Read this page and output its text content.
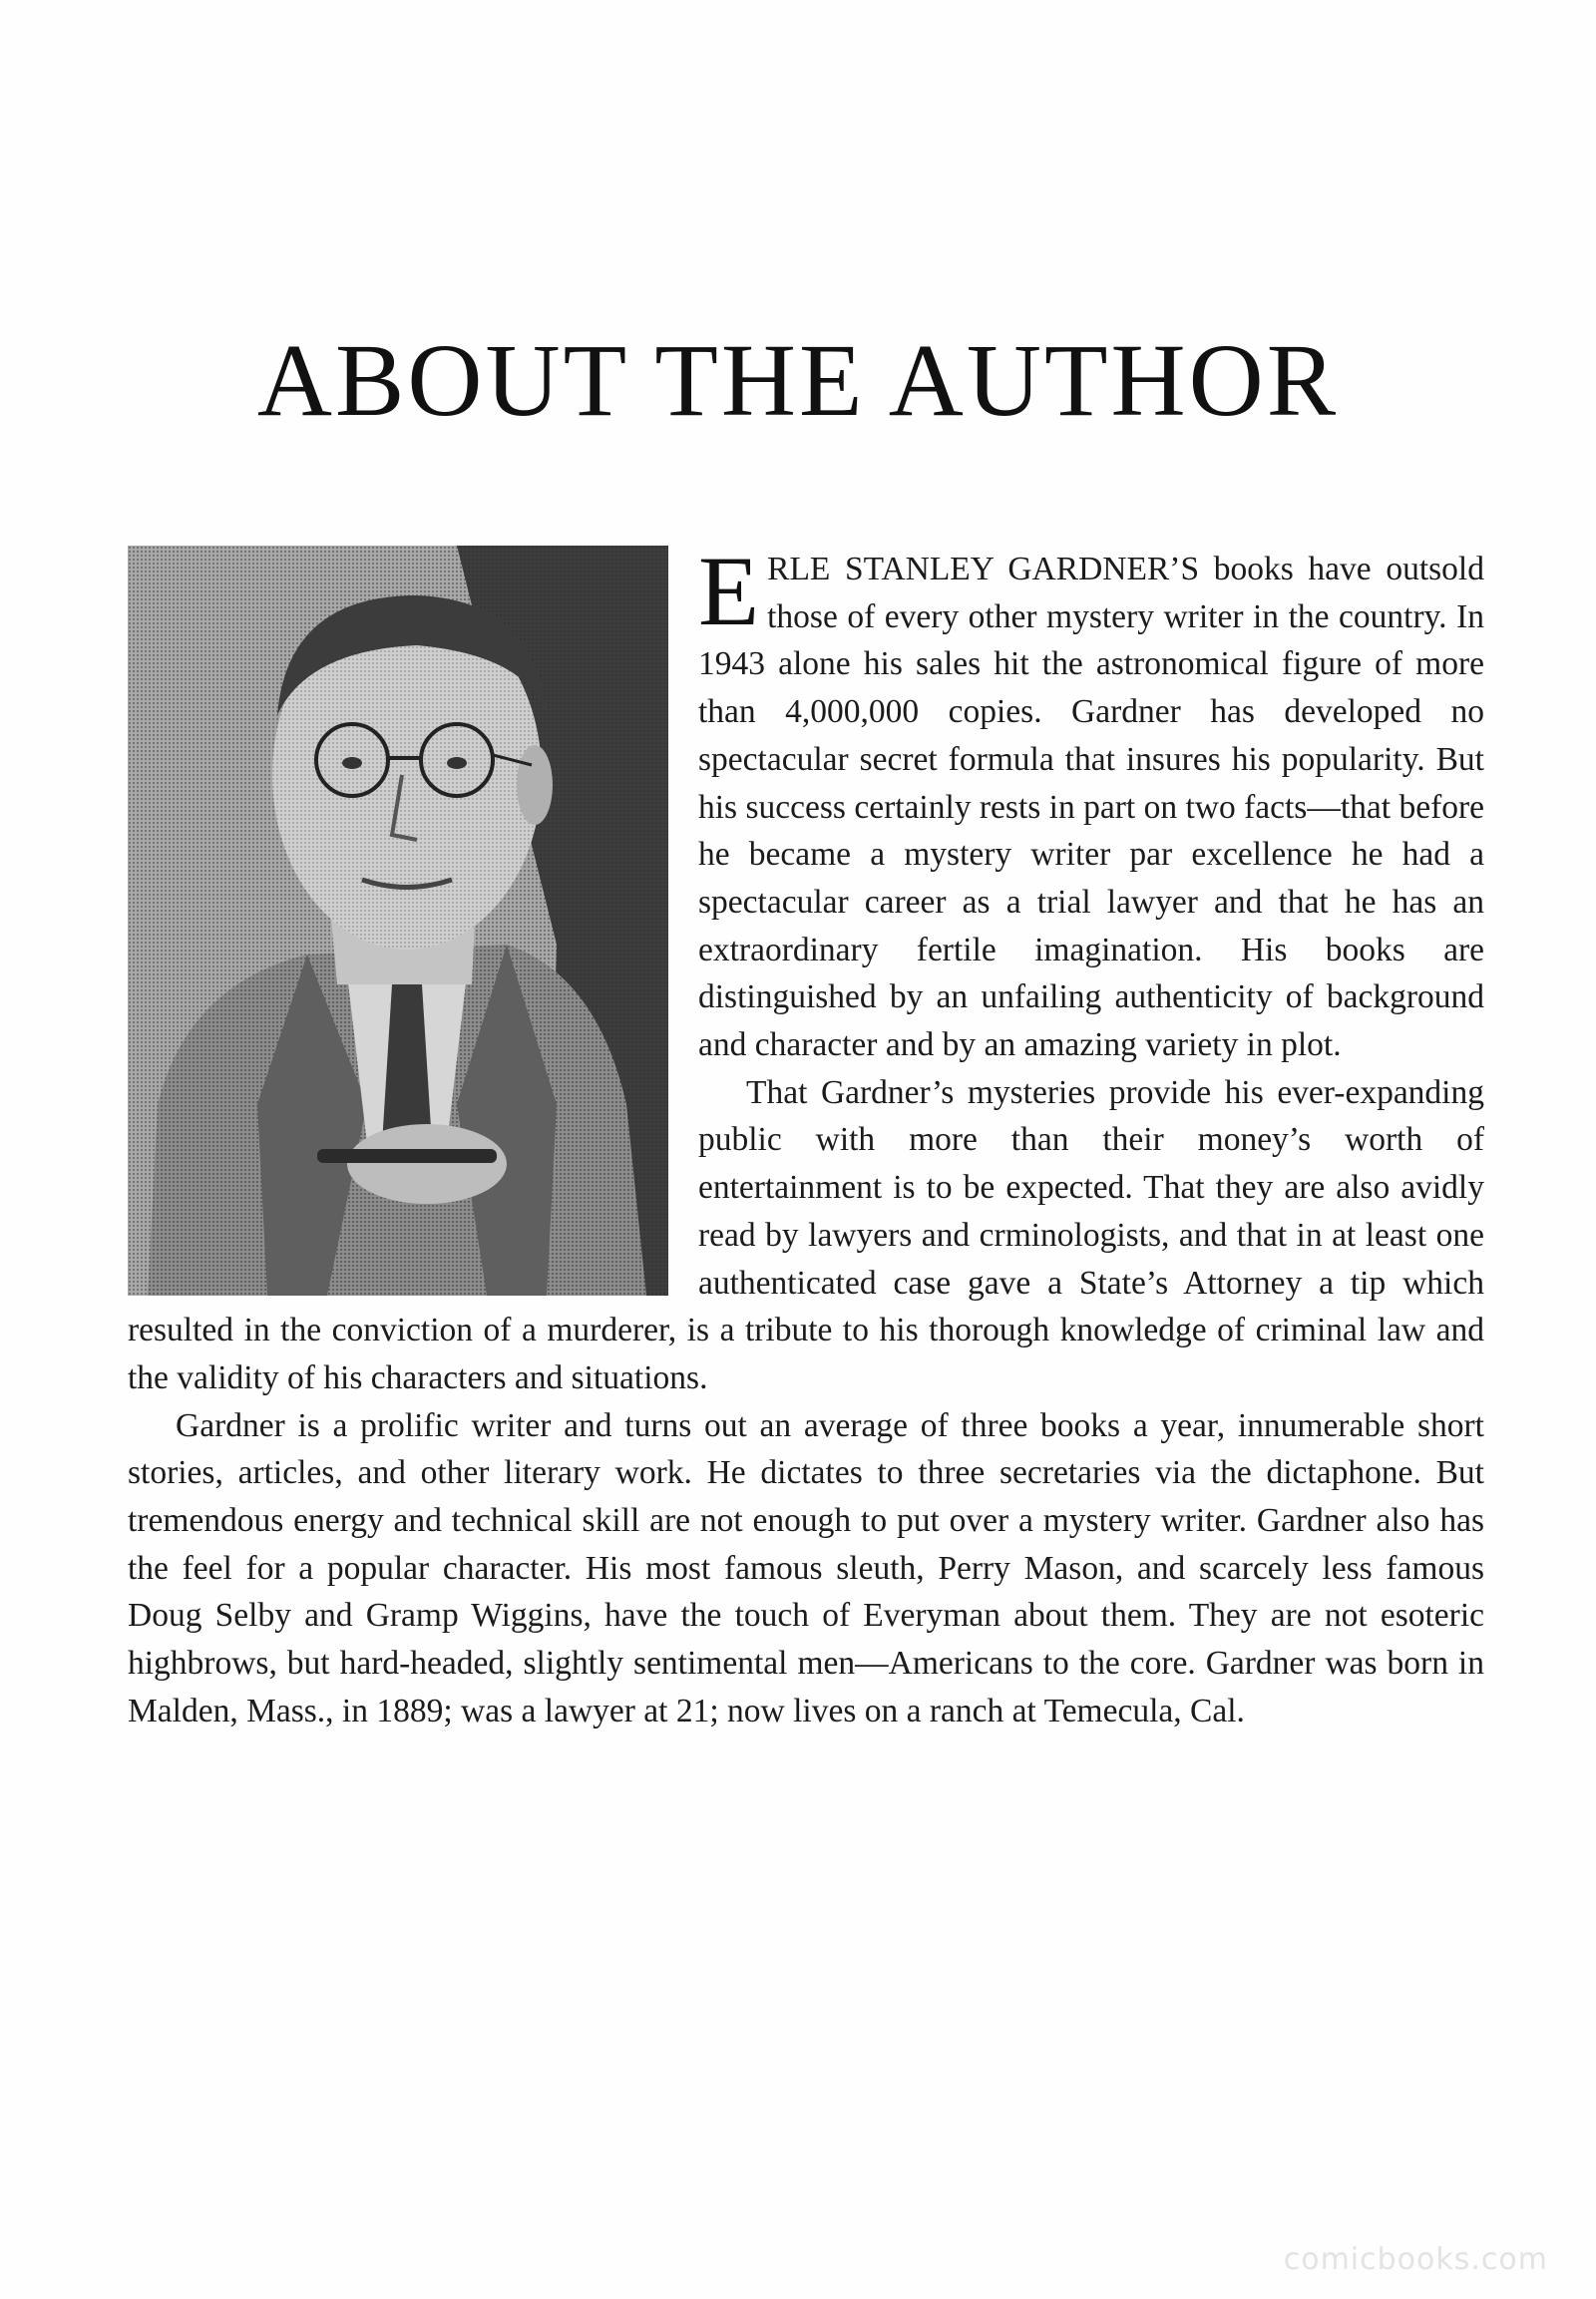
ABOUT THE AUTHOR

ERLE STANLEY GARDNER’S books have outsold those of every other mystery writer in the country. In 1943 alone his sales hit the astronomical figure of more than 4,000,000 copies. Gardner has developed no spectacular secret formula that insures his popularity. But his success certainly rests in part on two facts—that before he became a mystery writer par excellence he had a spectacular career as a trial lawyer and that he has an extraordinary fertile imagination. His books are distinguished by an unfailing authenticity of background and character and by an amazing variety in plot.

That Gardner’s mysteries provide his ever-expanding public with more than their money’s worth of entertainment is to be expected. That they are also avidly read by lawyers and crminologists, and that in at least one authenticated case gave a State’s Attorney a tip which resulted in the conviction of a murderer, is a tribute to his thorough knowledge of criminal law and the validity of his characters and situations.

Gardner is a prolific writer and turns out an average of three books a year, innumerable short stories, articles, and other literary work. He dictates to three secretaries via the dictaphone. But tremendous energy and technical skill are not enough to put over a mystery writer. Gardner also has the feel for a popular character. His most famous sleuth, Perry Mason, and scarcely less famous Doug Selby and Gramp Wiggins, have the touch of Everyman about them. They are not esoteric highbrows, but hard-headed, slightly sentimental men—Americans to the core. Gardner was born in Malden, Mass., in 1889; was a lawyer at 21; now lives on a ranch at Temecula, Cal.

comicbooks.com
